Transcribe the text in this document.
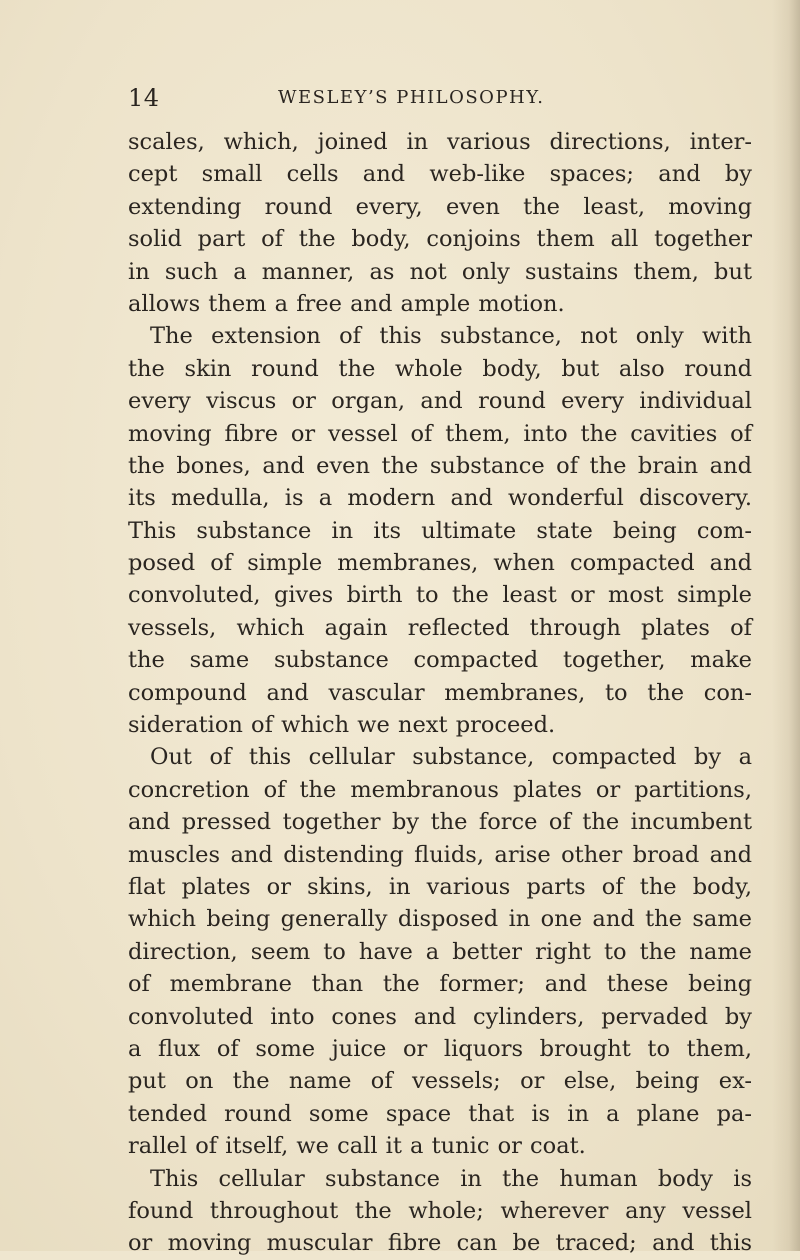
14	WESLEY’S PHILOSOPHY.
scales, which, joined in various directions, inter-
cept small cells and web-like spaces; and by
extending round every, even the least, moving
solid part of the body, conjoins them all together
in such a manner, as not only sustains them, but
allows them a free and ample motion.
The extension of this substance, not only with
the skin round the whole body, but also round
every viscus or organ, and round every individual
moving fibre or vessel of them, into the cavities of
the bones, and even the substance of the brain and
its medulla, is a modern and wonderful discovery.
This substance in its ultimate state being com-
posed of simple membranes, when compacted and
convoluted, gives birth to the least or most simple
vessels, which again reflected through plates of
the same substance compacted together, make
compound and vascular membranes, to the con-
sideration of which we next proceed.
Out of this cellular substance, compacted by a
concretion of the membranous plates or partitions,
and pressed together by the force of the incumbent
muscles and distending fluids, arise other broad and
flat plates or skins, in various parts of the body,
which being generally disposed in one and the same
direction, seem to have a better right to the name
of membrane than the former; and these being
convoluted into cones and cylinders, pervaded by
a flux of some juice or liquors brought to them,
put on the name of vessels; or else, being ex-
tended round some space that is in a plane pa-
rallel of itself, we call it a tunic or coat.
This cellular substance in the human body is
found throughout the whole; wherever any vessel
or moving muscular fibre can be traced; and this
